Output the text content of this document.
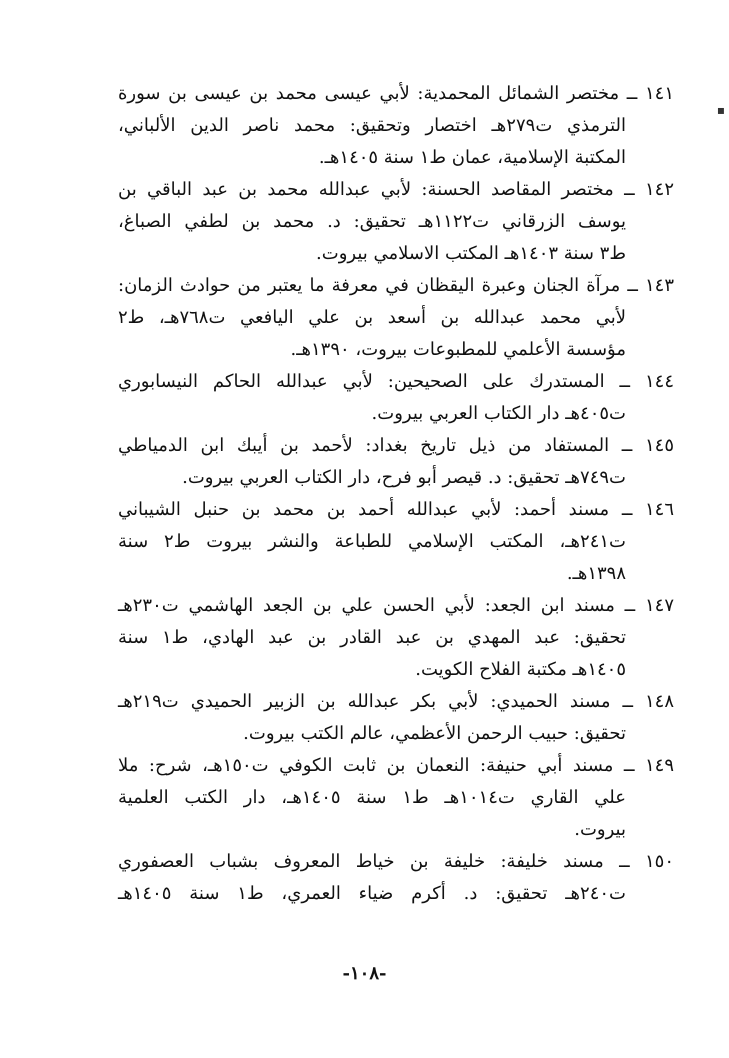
١٤١ ــ مختصر الشمائل المحمدية: لأبي عيسى محمد بن عيسى بن سورة
الترمذي ت٢٧٩هـ اختصار وتحقيق: محمد ناصر الدين الألباني،
المكتبة الإسلامية، عمان ط١ سنة ١٤٠٥هـ.
١٤٢ ــ مختصر المقاصد الحسنة: لأبي عبدالله محمد بن عبد الباقي بن
يوسف الزرقاني ت١١٢٢هـ تحقيق: د. محمد بن لطفي الصباغ،
ط٣ سنة ١٤٠٣هـ المكتب الاسلامي بيروت.
١٤٣ ــ مرآة الجنان وعبرة اليقظان في معرفة ما يعتبر من حوادث الزمان:
لأبي محمد عبدالله بن أسعد بن علي اليافعي ت٧٦٨هـ، ط٢
مؤسسة الأعلمي للمطبوعات بيروت، ١٣٩٠هـ.
١٤٤ ــ المستدرك على الصحيحين: لأبي عبدالله الحاكم النيسابوري
ت٤٠٥هـ دار الكتاب العربي بيروت.
١٤٥ ــ المستفاد من ذيل تاريخ بغداد: لأحمد بن أيبك ابن الدمياطي
ت٧٤٩هـ تحقيق: د. قيصر أبو فرح، دار الكتاب العربي بيروت.
١٤٦ ــ مسند أحمد: لأبي عبدالله أحمد بن محمد بن حنبل الشيباني
ت٢٤١هـ، المكتب الإسلامي للطباعة والنشر بيروت ط٢ سنة
١٣٩٨هـ.
١٤٧ ــ مسند ابن الجعد: لأبي الحسن علي بن الجعد الهاشمي ت٢٣٠هـ
تحقيق: عبد المهدي بن عبد القادر بن عبد الهادي، ط١ سنة
١٤٠٥هـ مكتبة الفلاح الكويت.
١٤٨ ــ مسند الحميدي: لأبي بكر عبدالله بن الزبير الحميدي ت٢١٩هـ
تحقيق: حبيب الرحمن الأعظمي، عالم الكتب بيروت.
١٤٩ ــ مسند أبي حنيفة: النعمان بن ثابت الكوفي ت١٥٠هـ، شرح: ملا
علي القاري ت١٠١٤هـ ط١ سنة ١٤٠٥هـ، دار الكتب العلمية
بيروت.
١٥٠ ــ مسند خليفة: خليفة بن خياط المعروف بشباب العصفوري
ت٢٤٠هـ تحقيق: د. أكرم ضياء العمري، ط١ سنة ١٤٠٥هـ
-١٠٨-
▪
